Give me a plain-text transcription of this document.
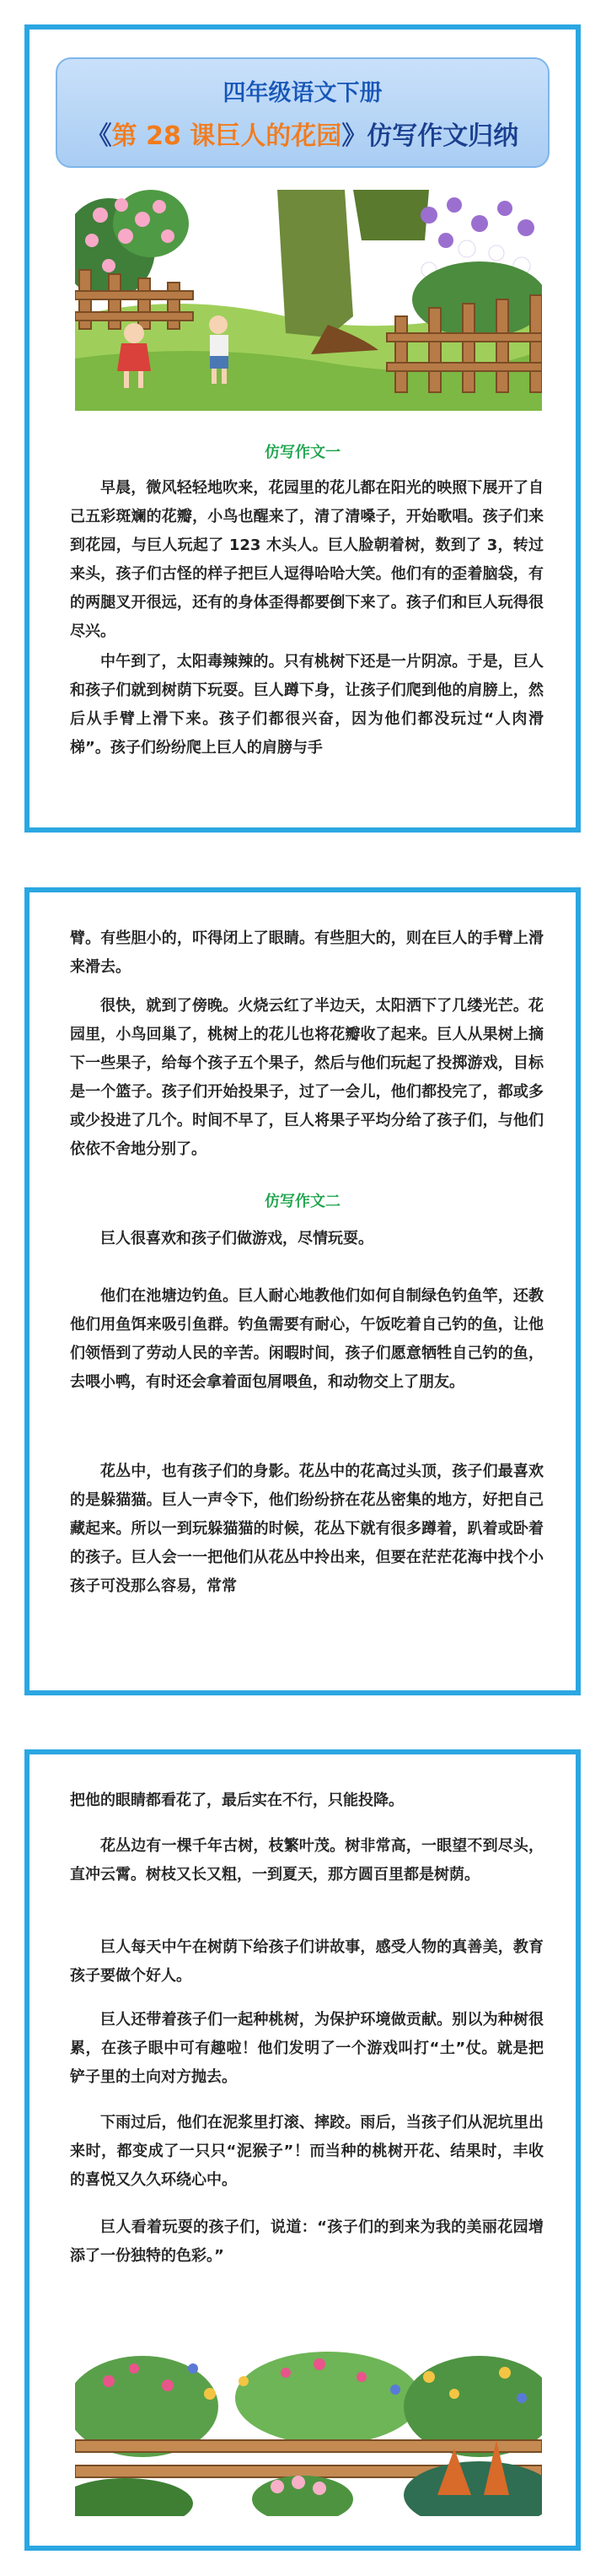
四年级语文下册
《第 28 课巨人的花园》仿写作文归纳
仿写作文一

早晨，微风轻轻地吹来，花园里的花儿都在阳光的映照下展开了自己五彩斑斓的花瓣，小鸟也醒来了，清了清嗓子，开始歌唱。孩子们来到花园，与巨人玩起了 123 木头人。巨人脸朝着树，数到了 3，转过来头，孩子们古怪的样子把巨人逗得哈哈大笑。他们有的歪着脑袋，有的两腿叉开很远，还有的身体歪得都要倒下来了。孩子们和巨人玩得很尽兴。

中午到了，太阳毒辣辣的。只有桃树下还是一片阴凉。于是，巨人和孩子们就到树荫下玩耍。巨人蹲下身，让孩子们爬到他的肩膀上，然后从手臂上滑下来。孩子们都很兴奋，因为他们都没玩过“人肉滑梯”。孩子们纷纷爬上巨人的肩膀与手

臂。有些胆小的，吓得闭上了眼睛。有些胆大的，则在巨人的手臂上滑来滑去。

很快，就到了傍晚。火烧云红了半边天，太阳洒下了几缕光芒。花园里，小鸟回巢了，桃树上的花儿也将花瓣收了起来。巨人从果树上摘下一些果子，给每个孩子五个果子，然后与他们玩起了投掷游戏，目标是一个篮子。孩子们开始投果子，过了一会儿，他们都投完了，都或多或少投进了几个。时间不早了，巨人将果子平均分给了孩子们，与他们依依不舍地分别了。

仿写作文二

巨人很喜欢和孩子们做游戏，尽情玩耍。

他们在池塘边钓鱼。巨人耐心地教他们如何自制绿色钓鱼竿，还教他们用鱼饵来吸引鱼群。钓鱼需要有耐心，午饭吃着自己钓的鱼，让他们领悟到了劳动人民的辛苦。闲暇时间，孩子们愿意牺牲自己钓的鱼，去喂小鸭，有时还会拿着面包屑喂鱼，和动物交上了朋友。

花丛中，也有孩子们的身影。花丛中的花高过头顶，孩子们最喜欢的是躲猫猫。巨人一声令下，他们纷纷挤在花丛密集的地方，好把自己藏起来。所以一到玩躲猫猫的时候，花丛下就有很多蹲着，趴着或卧着的孩子。巨人会一一把他们从花丛中拎出来，但要在茫茫花海中找个小孩子可没那么容易，常常

把他的眼睛都看花了，最后实在不行，只能投降。

花丛边有一棵千年古树，枝繁叶茂。树非常高，一眼望不到尽头，直冲云霄。树枝又长又粗，一到夏天，那方圆百里都是树荫。

巨人每天中午在树荫下给孩子们讲故事，感受人物的真善美，教育孩子要做个好人。

巨人还带着孩子们一起种桃树，为保护环境做贡献。别以为种树很累，在孩子眼中可有趣啦！他们发明了一个游戏叫打“土”仗。就是把铲子里的土向对方抛去。

下雨过后，他们在泥浆里打滚、摔跤。雨后，当孩子们从泥坑里出来时，都变成了一只只“泥猴子”！而当种的桃树开花、结果时，丰收的喜悦又久久环绕心中。

巨人看着玩耍的孩子们，说道：“孩子们的到来为我的美丽花园增添了一份独特的色彩。”
